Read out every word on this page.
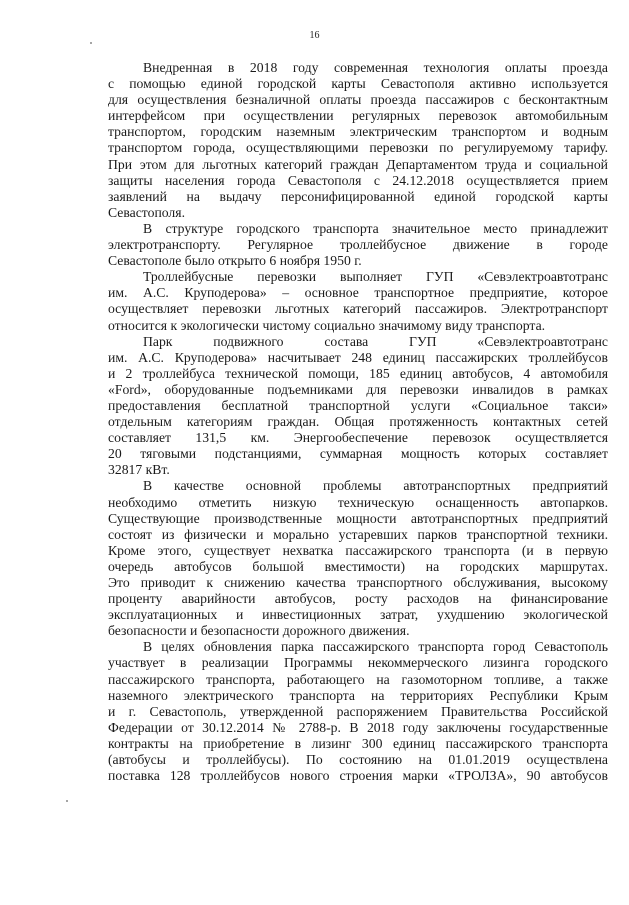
16
Внедренная в 2018 году современная технология оплаты проезда
с помощью единой городской карты Севастополя активно используется
для осуществления безналичной оплаты проезда пассажиров с бесконтактным
интерфейсом при осуществлении регулярных перевозок автомобильным
транспортом, городским наземным электрическим транспортом и водным
транспортом города, осуществляющими перевозки по регулируемому тарифу.
При этом для льготных категорий граждан Департаментом труда и социальной
защиты населения города Севастополя с 24.12.2018 осуществляется прием
заявлений на выдачу персонифицированной единой городской карты
Севастополя.
В структуре городского транспорта значительное место принадлежит
электротранспорту. Регулярное троллейбусное движение в городе
Севастополе было открыто 6 ноября 1950 г.
Троллейбусные перевозки выполняет ГУП «Севэлектроавтотранс
им. А.С. Круподерова» – основное транспортное предприятие, которое
осуществляет перевозки льготных категорий пассажиров. Электротранспорт
относится к экологически чистому социально значимому виду транспорта.
Парк подвижного состава ГУП «Севэлектроавтотранс
им. А.С. Круподерова» насчитывает 248 единиц пассажирских троллейбусов
и 2 троллейбуса технической помощи, 185 единиц автобусов, 4 автомобиля
«Ford», оборудованные подъемниками для перевозки инвалидов в рамках
предоставления бесплатной транспортной услуги «Социальное такси»
отдельным категориям граждан. Общая протяженность контактных сетей
составляет 131,5 км. Энергообеспечение перевозок осуществляется
20 тяговыми подстанциями, суммарная мощность которых составляет
32817 кВт.
В качестве основной проблемы автотранспортных предприятий
необходимо отметить низкую техническую оснащенность автопарков.
Существующие производственные мощности автотранспортных предприятий
состоят из физически и морально устаревших парков транспортной техники.
Кроме этого, существует нехватка пассажирского транспорта (и в первую
очередь автобусов большой вместимости) на городских маршрутах.
Это приводит к снижению качества транспортного обслуживания, высокому
проценту аварийности автобусов, росту расходов на финансирование
эксплуатационных и инвестиционных затрат, ухудшению экологической
безопасности и безопасности дорожного движения.
В целях обновления парка пассажирского транспорта город Севастополь
участвует в реализации Программы некоммерческого лизинга городского
пассажирского транспорта, работающего на газомоторном топливе, а также
наземного электрического транспорта на территориях Республики Крым
и г. Севастополь, утвержденной распоряжением Правительства Российской
Федерации от 30.12.2014 № 2788-р. В 2018 году заключены государственные
контракты на приобретение в лизинг 300 единиц пассажирского транспорта
(автобусы и троллейбусы). По состоянию на 01.01.2019 осуществлена
поставка 128 троллейбусов нового строения марки «ТРОЛЗА», 90 автобусов
